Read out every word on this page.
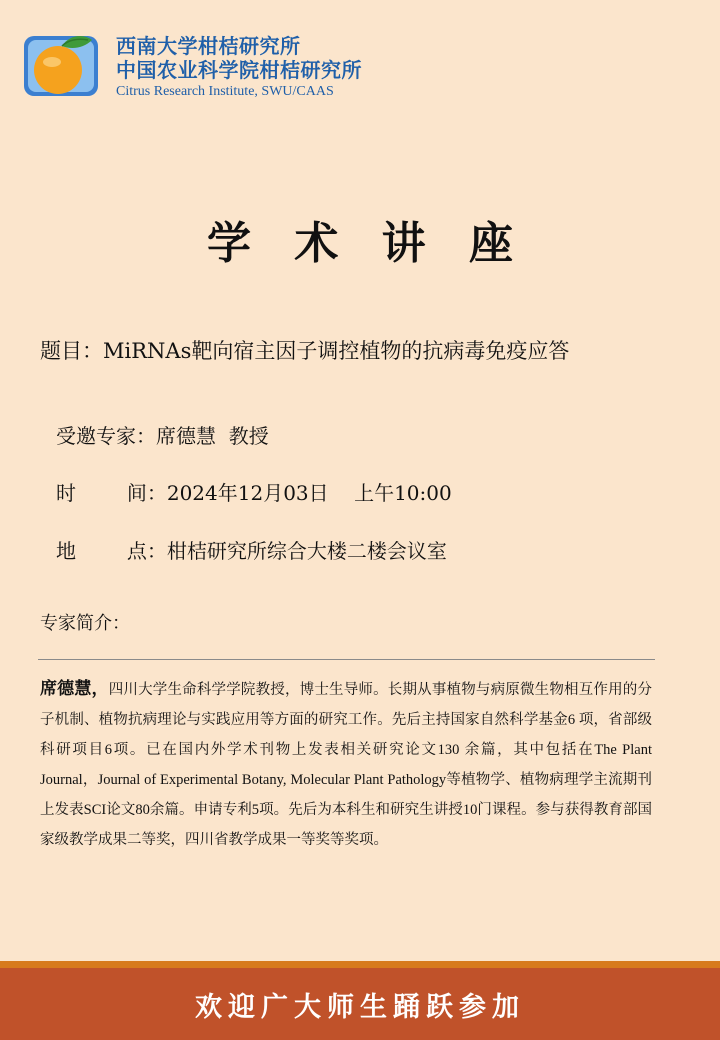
西南大学柑桔研究所
中国农业科学院柑桔研究所
Citrus Research Institute, SWU/CAAS
学 术 讲 座
题目：MiRNAs靶向宿主因子调控植物的抗病毒免疫应答
受邀专家：席德慧  教授
时        间：2024年12月03日    上午10:00
地        点：柑桔研究所综合大楼二楼会议室
专家简介：
席德慧，四川大学生命科学学院教授，博士生导师。长期从事植物与病原微生物相互作用的分子机制、植物抗病理论与实践应用等方面的研究工作。先后主持国家自然科学基金6 项，省部级科研项目6项。已在国内外学术刊物上发表相关研究论文130 余篇，其中包括在The Plant Journal，Journal of Experimental Botany, Molecular Plant Pathology等植物学、植物病理学主流期刊上发表SCI论文80余篇。申请专利5项。先后为本科生和研究生讲授10门课程。参与获得教育部国家级教学成果二等奖，四川省教学成果一等奖等奖项。
欢迎广大师生踊跃参加
